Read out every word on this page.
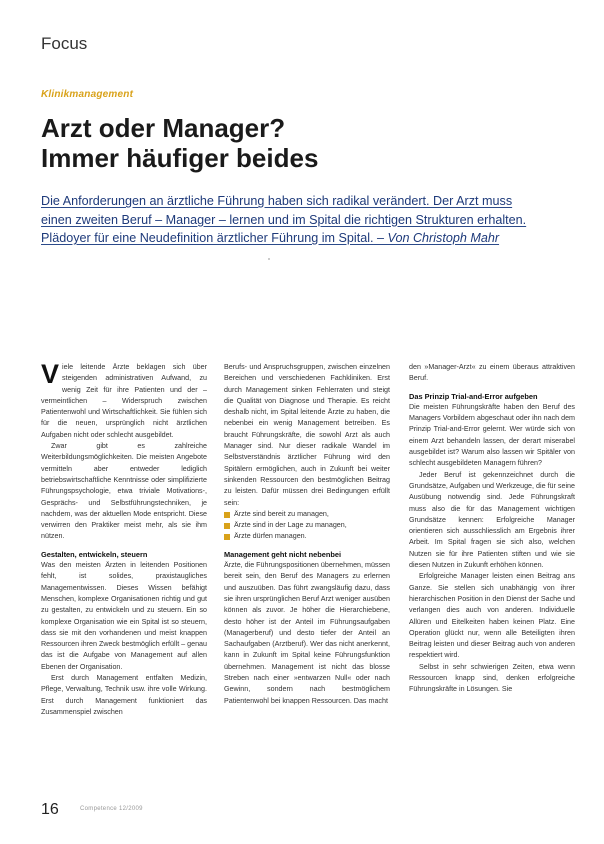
Focus
Klinikmanagement
Arzt oder Manager?
Immer häufiger beides
Die Anforderungen an ärztliche Führung haben sich radikal verändert. Der Arzt muss
einen zweiten Beruf – Manager – lernen und im Spital die richtigen Strukturen erhalten.
Plädoyer für eine Neudefinition ärztlicher Führung im Spital. – Von Christoph Mahr

Viele leitende Ärzte beklagen sich über steigenden administrativen Aufwand, zu wenig Zeit für ihre Patienten und der – vermeintlichen – Widerspruch zwischen Patientenwohl und Wirtschaftlichkeit. Sie fühlen sich für die neuen, ursprünglich nicht ärztlichen Aufgaben nicht oder schlecht ausgebildet.

Zwar gibt es zahlreiche Weiterbildungsmöglichkeiten. Die meisten Angebote vermitteln aber entweder lediglich betriebswirtschaftliche Kenntnisse oder simplifizierte Führungspsychologie, etwa triviale Motivations-, Gesprächs- und Selbstführungstechniken, je nachdem, was der aktuellen Mode entspricht. Diese verwirren den Praktiker meist mehr, als sie ihm nützen.

Gestalten, entwickeln, steuern

Was den meisten Ärzten in leitenden Positionen fehlt, ist solides, praxistaugliches Managementwissen. Dieses Wissen befähigt Menschen, komplexe Organisationen richtig und gut zu gestalten, zu entwickeln und zu steuern. Ein so komplexe Organisation wie ein Spital ist so steuern, dass sie mit den vorhandenen und meist knappen Ressourcen ihren Zweck bestmöglich erfüllt – genau das ist die Aufgabe von Management auf allen Ebenen der Organisation.

Erst durch Management entfalten Medizin, Pflege, Verwaltung, Technik usw. ihre volle Wirkung. Erst durch Management funktioniert das Zusammenspiel zwischen

Berufs- und Anspruchsgruppen, zwischen einzelnen Bereichen und verschiedenen Fachkliniken. Erst durch Management sinken Fehlerraten und steigt die Qualität von Diagnose und Therapie. Es reicht deshalb nicht, im Spital leitende Ärzte zu haben, die nebenbei ein wenig Management betreiben. Es braucht Führungskräfte, die sowohl Arzt als auch Manager sind. Nur dieser radikale Wandel im Selbstverständnis ärztlicher Führung wird den Spitälern ermöglichen, auch in Zukunft bei weiter sinkenden Ressourcen den bestmöglichen Beitrag zu leisten. Dafür müssen drei Bedingungen erfüllt sein:

Ärzte sind bereit zu managen,
Ärzte sind in der Lage zu managen,
Ärzte dürfen managen.
Management geht nicht nebenbei

Ärzte, die Führungspositionen übernehmen, müssen bereit sein, den Beruf des Managers zu erlernen und auszuüben. Das führt zwangsläufig dazu, dass sie ihren ursprünglichen Beruf Arzt weniger ausüben können als zuvor. Je höher die Hierarchiebene, desto höher ist der Anteil im Führungsaufgaben (Managerberuf) und desto tiefer der Anteil an Sachaufgaben (Arztberuf). Wer das nicht anerkennt, kann in Zukunft im Spital keine Führungsfunktion übernehmen. Management ist nicht das blosse Streben nach einer »entwarzen Null« oder nach Gewinn, sondern nach bestmöglichem Patientenwohl bei knappen Ressourcen. Das macht

den »Manager-Arzt« zu einem überaus attraktiven Beruf.

Das Prinzip Trial-and-Error aufgeben

Die meisten Führungskräfte haben den Beruf des Managers Vorbildern abgeschaut oder ihn nach dem Prinzip Trial-and-Error gelernt. Wer würde sich von einem Arzt behandeln lassen, der derart miserabel ausgebildet ist? Warum also lassen wir Spitäler von schlecht ausgebildeten Managern führen?

Jeder Beruf ist gekennzeichnet durch die Grundsätze, Aufgaben und Werkzeuge, die für seine Ausübung notwendig sind. Jede Führungskraft muss also die für das Management wichtigen Grundsätze kennen: Erfolgreiche Manager orientieren sich ausschliesslich am Ergebnis ihrer Arbeit. Im Spital fragen sie sich also, welchen Nutzen sie für ihre Patienten stiften und wie sie diesen Nutzen in Zukunft erhöhen können.

Erfolgreiche Manager leisten einen Beitrag ans Ganze. Sie stellen sich unabhängig von ihrer hierarchischen Position in den Dienst der Sache und verlangen dies auch von anderen. Individuelle Allüren und Eitelkeiten haben keinen Platz. Eine Operation glückt nur, wenn alle Beteiligten ihren Beitrag leisten und dieser Beitrag auch von anderen respektiert wird.

Selbst in sehr schwierigen Zeiten, etwa wenn Ressourcen knapp sind, denken erfolgreiche Führungskräfte in Lösungen. Sie

16	Competence 12/2009
